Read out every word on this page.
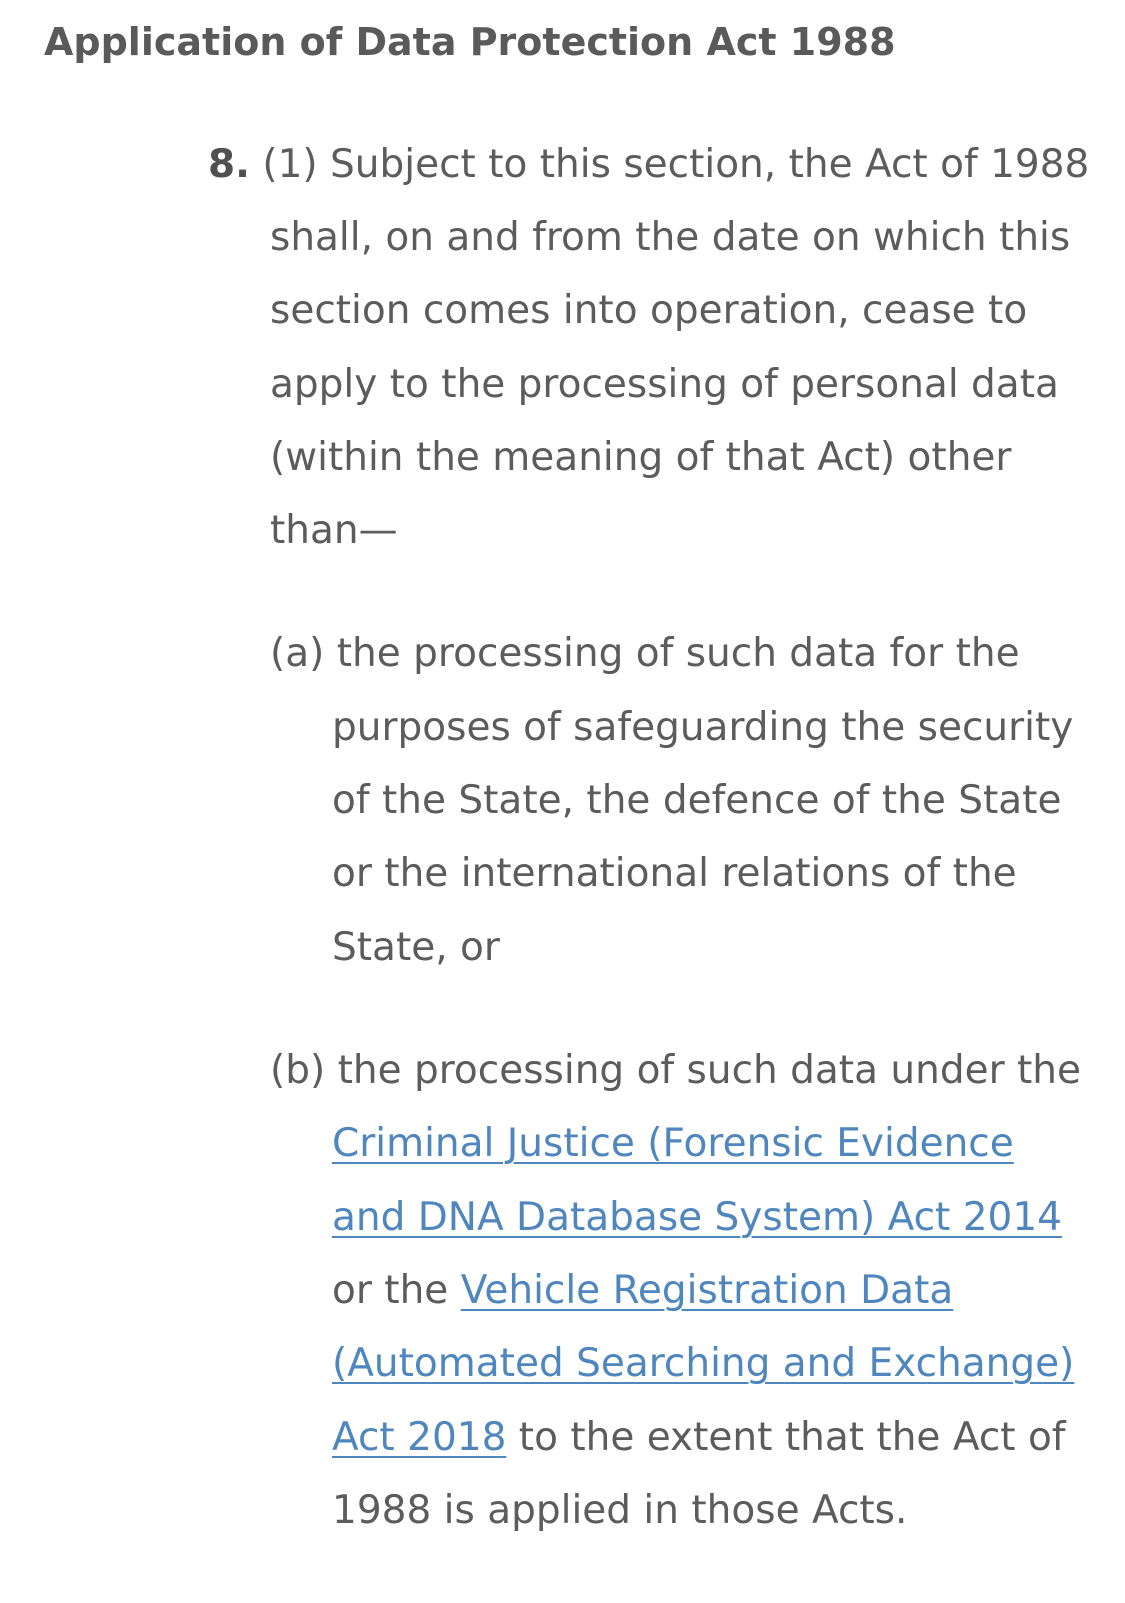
Application of Data Protection Act 1988
8. (1) Subject to this section, the Act of 1988
shall, on and from the date on which this
section comes into operation, cease to
apply to the processing of personal data
(within the meaning of that Act) other
than—
(a) the processing of such data for the
purposes of safeguarding the security
of the State, the defence of the State
or the international relations of the
State, or
(b) the processing of such data under the
Criminal Justice (Forensic Evidence
and DNA Database System) Act 2014
or the Vehicle Registration Data
(Automated Searching and Exchange)
Act 2018 to the extent that the Act of
1988 is applied in those Acts.
